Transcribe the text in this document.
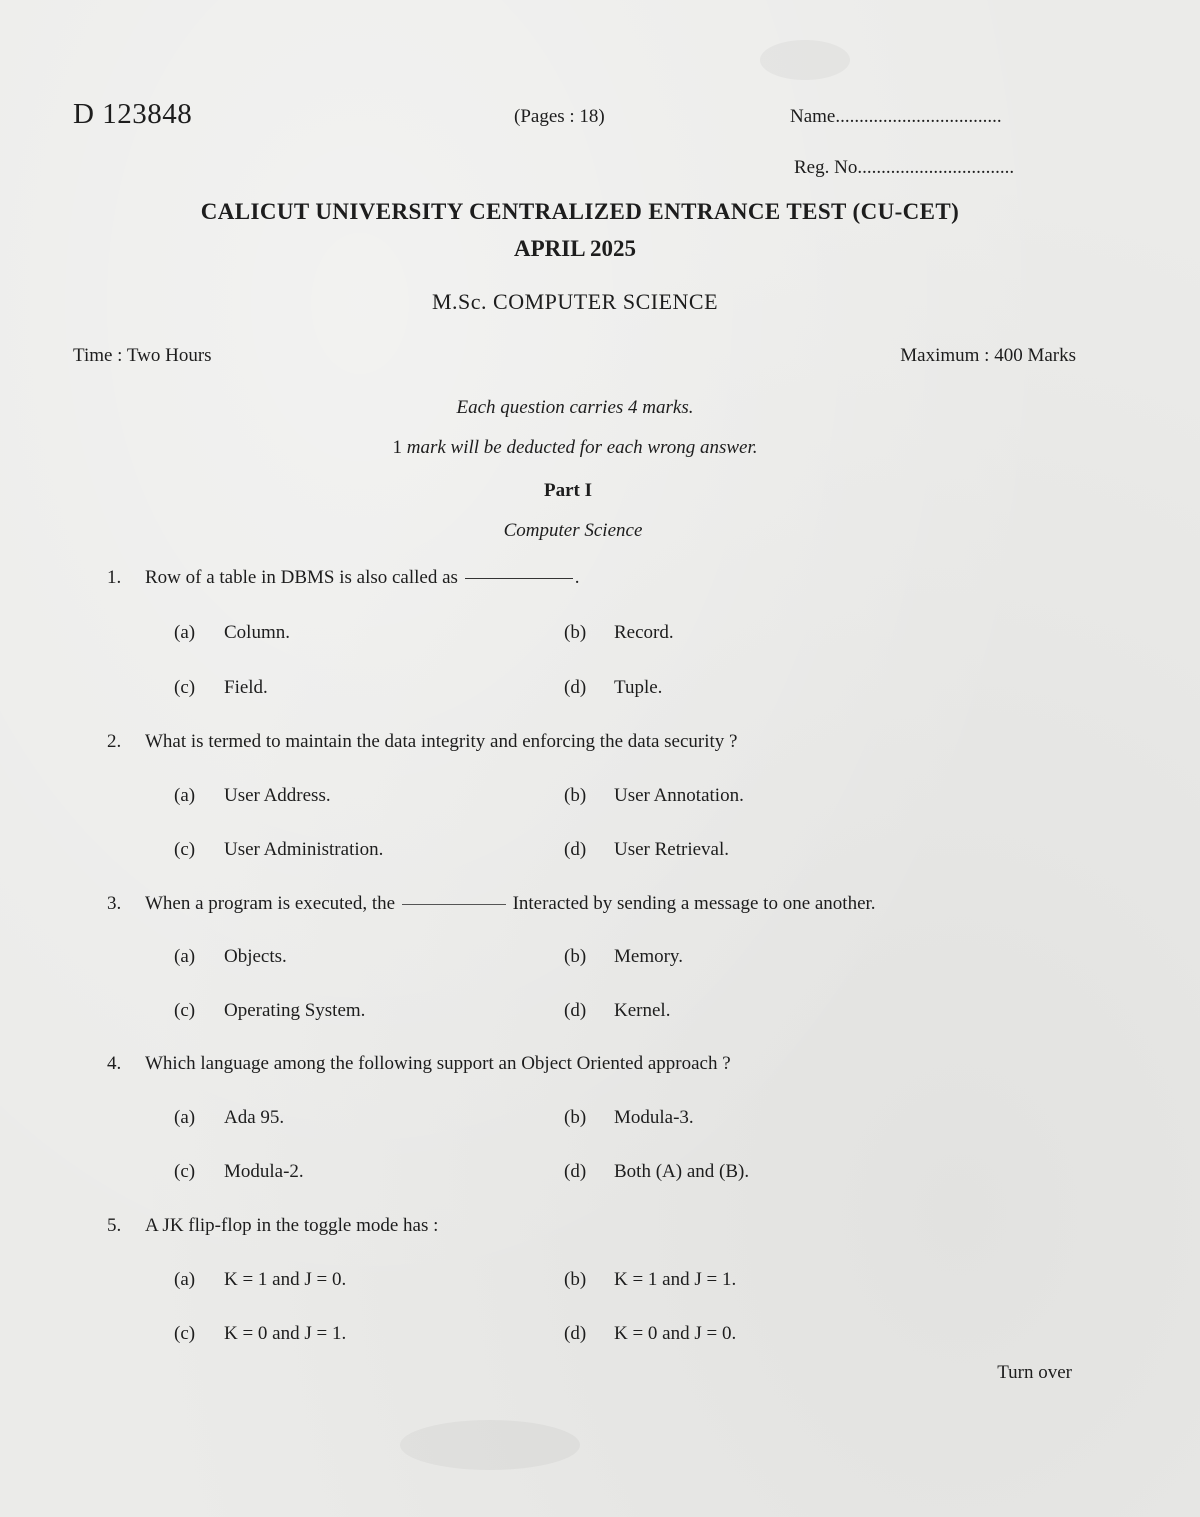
D 123848	(Pages : 18)	Name...................................
Reg. No.................................
CALICUT UNIVERSITY CENTRALIZED ENTRANCE TEST (CU-CET)
APRIL 2025
M.Sc. COMPUTER SCIENCE
Time : Two Hours	Maximum : 400 Marks
Each question carries 4 marks.
1 mark will be deducted for each wrong answer.
Part I
Computer Science
1. Row of a table in DBMS is also called as	.
(a) Column.	(b) Record.
(c) Field.	(d) Tuple.
2. What is termed to maintain the data integrity and enforcing the data security ?
(a) User Address.	(b) User Annotation.
(c) User Administration.	(d) User Retrieval.
3. When a program is executed, the	Interacted by sending a message to one another.
(a) Objects.	(b) Memory.
(c) Operating System.	(d) Kernel.
4. Which language among the following support an Object Oriented approach ?
(a) Ada 95.	(b) Modula-3.
(c) Modula-2.	(d) Both (A) and (B).
5. A JK flip-flop in the toggle mode has :
(a) K = 1 and J = 0.	(b) K = 1 and J = 1.
(c) K = 0 and J = 1.	(d) K = 0 and J = 0.
Turn over
